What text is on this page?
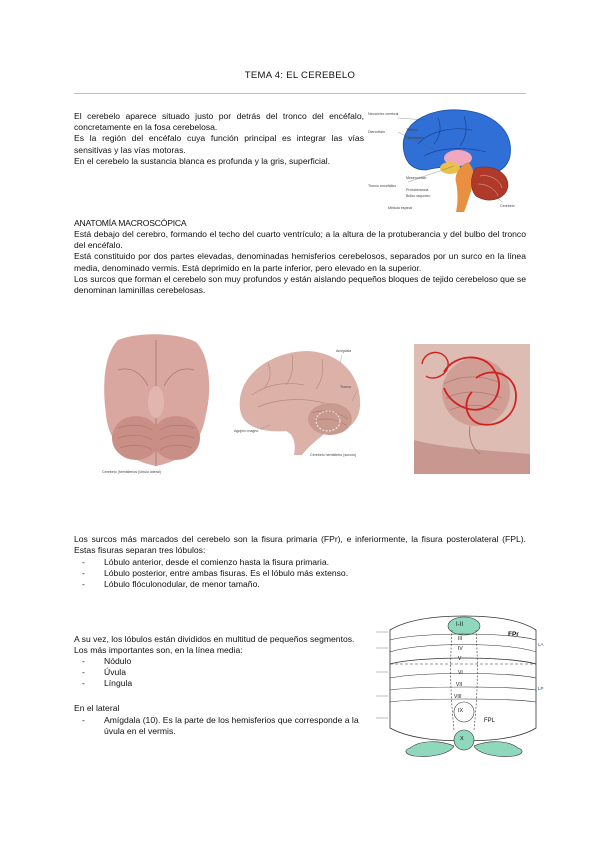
TEMA 4: EL CEREBELO
El cerebelo aparece situado justo por detrás del tronco del encéfalo, concretamente en la fosa cerebelosa.
Es la región del encéfalo cuya función principal es integrar las vías sensitivas y las vías motoras.
En el cerebelo la sustancia blanca es profunda y la gris, superficial.
Neocórtex cerebral
Diencéfalo	Tálamo
Hipotálamo
Mesencéfalo
Tronco encefálico
Protuberancia
Bulbo raquídeo
Médula espinal	Cerebelo
ANATOMÍA MACROSCÓPICA
Está debajo del cerebro, formando el techo del cuarto ventrículo; a la altura de la protuberancia y del bulbo del tronco del encéfalo.
Está constituido por dos partes elevadas, denominadas hemisferios cerebelosos, separados por un surco en la línea media, denominado vermis. Está deprimido en la parte inferior, pero elevado en la superior.
Los surcos que forman el cerebelo son muy profundos y están aislando pequeños bloques de tejido cerebeloso que se denominan laminillas cerebelosas.
Cerebelo (hemisferios (lóbulo lateral)
Amígdala
Tronco
Agujero magno
Cerebelo hemisferio (surcos)
Los surcos más marcados del cerebelo son la fisura primaria (FPr), e inferiormente, la fisura posterolateral (FPL). Estas fisuras separan tres lóbulos:
- Lóbulo anterior, desde el comienzo hasta la fisura primaria.
- Lóbulo posterior, entre ambas fisuras. Es el lóbulo más extenso.
- Lóbulo flóculonodular, de menor tamaño.
A su vez, los lóbulos están divididos en multitud de pequeños segmentos.
Los más importantes son, en la línea media:
- Nódulo
- Úvula
- Língula
En el lateral
- Amígdala (10). Es la parte de los hemisferios que corresponde a la úvula en el vermis.
I-II
FPr
III
IV
V
VI
VII
VIII
IX
X
FPL
LA
LP
